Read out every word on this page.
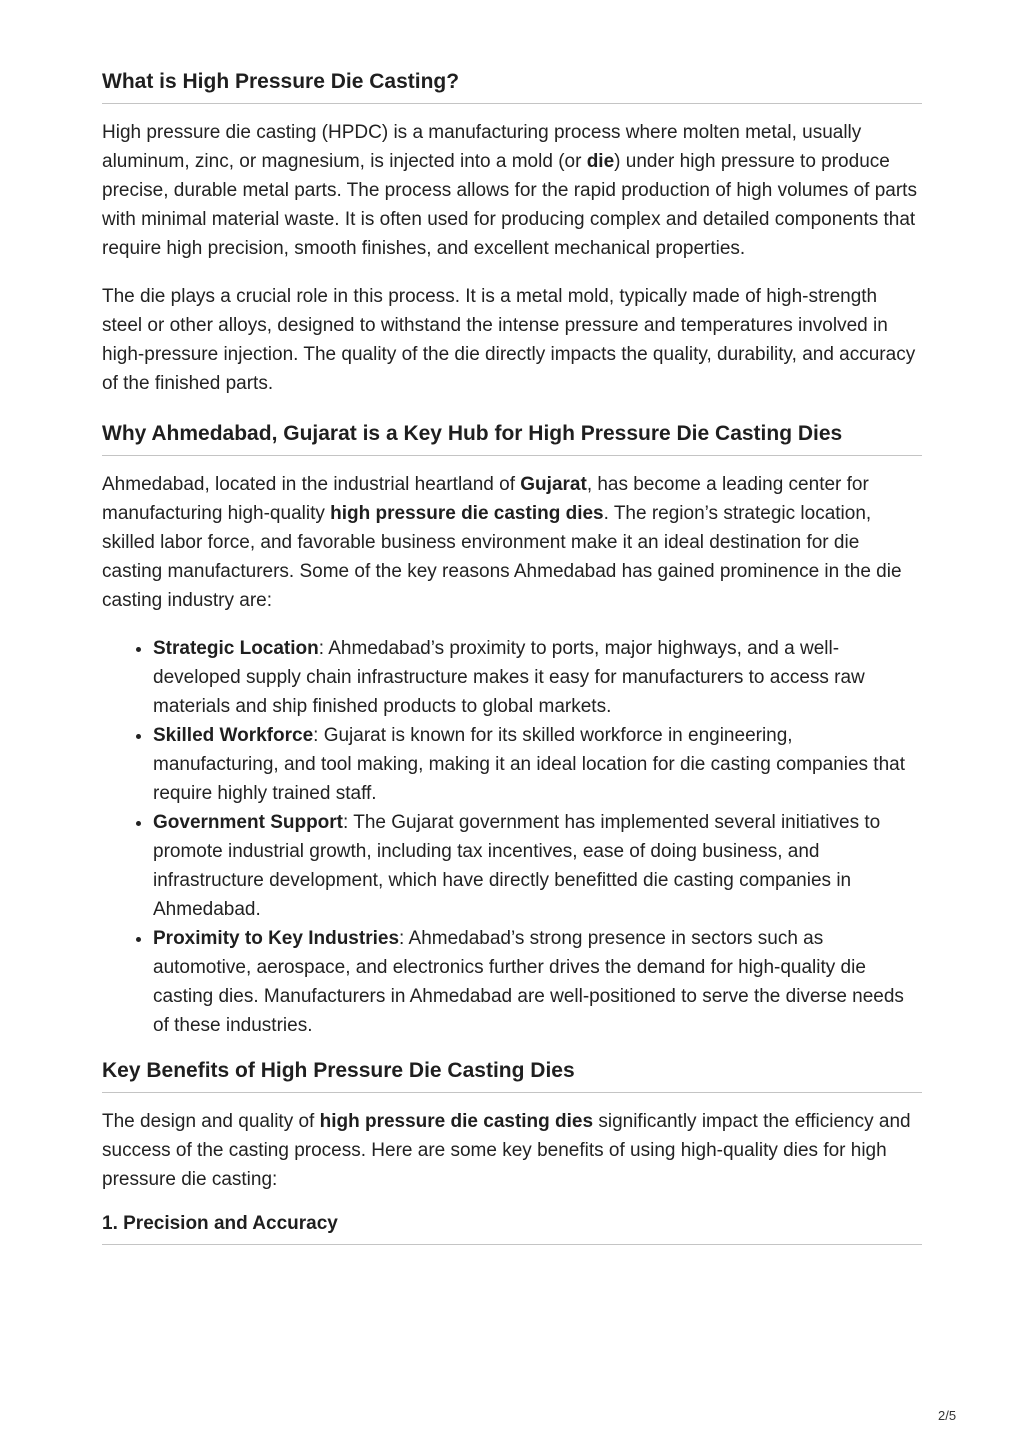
What is High Pressure Die Casting?

High pressure die casting (HPDC) is a manufacturing process where molten metal, usually aluminum, zinc, or magnesium, is injected into a mold (or die) under high pressure to produce precise, durable metal parts. The process allows for the rapid production of high volumes of parts with minimal material waste. It is often used for producing complex and detailed components that require high precision, smooth finishes, and excellent mechanical properties.

The die plays a crucial role in this process. It is a metal mold, typically made of high-strength steel or other alloys, designed to withstand the intense pressure and temperatures involved in high-pressure injection. The quality of the die directly impacts the quality, durability, and accuracy of the finished parts.

Why Ahmedabad, Gujarat is a Key Hub for High Pressure Die Casting Dies

Ahmedabad, located in the industrial heartland of Gujarat, has become a leading center for manufacturing high-quality high pressure die casting dies. The region’s strategic location, skilled labor force, and favorable business environment make it an ideal destination for die casting manufacturers. Some of the key reasons Ahmedabad has gained prominence in the die casting industry are:

• Strategic Location: Ahmedabad’s proximity to ports, major highways, and a well-developed supply chain infrastructure makes it easy for manufacturers to access raw materials and ship finished products to global markets.
• Skilled Workforce: Gujarat is known for its skilled workforce in engineering, manufacturing, and tool making, making it an ideal location for die casting companies that require highly trained staff.
• Government Support: The Gujarat government has implemented several initiatives to promote industrial growth, including tax incentives, ease of doing business, and infrastructure development, which have directly benefitted die casting companies in Ahmedabad.
• Proximity to Key Industries: Ahmedabad’s strong presence in sectors such as automotive, aerospace, and electronics further drives the demand for high-quality die casting dies. Manufacturers in Ahmedabad are well-positioned to serve the diverse needs of these industries.
Key Benefits of High Pressure Die Casting Dies

The design and quality of high pressure die casting dies significantly impact the efficiency and success of the casting process. Here are some key benefits of using high-quality dies for high pressure die casting:

1. Precision and Accuracy
2/5
